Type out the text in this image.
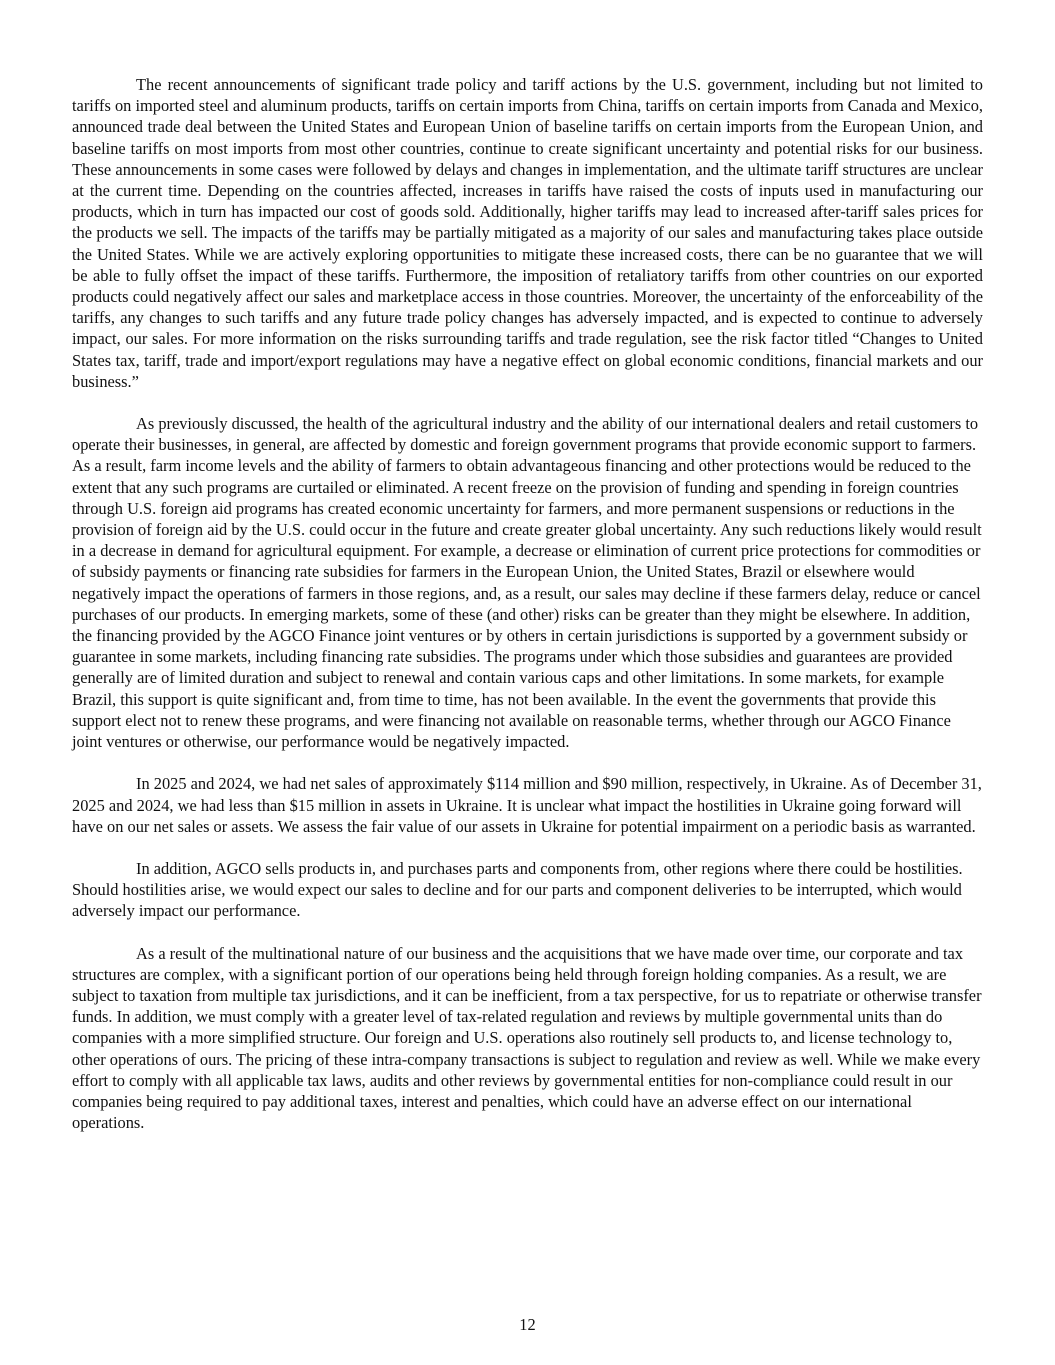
The recent announcements of significant trade policy and tariff actions by the U.S. government, including but not limited to tariffs on imported steel and aluminum products, tariffs on certain imports from China, tariffs on certain imports from Canada and Mexico, announced trade deal between the United States and European Union of baseline tariffs on certain imports from the European Union, and baseline tariffs on most imports from most other countries, continue to create significant uncertainty and potential risks for our business. These announcements in some cases were followed by delays and changes in implementation, and the ultimate tariff structures are unclear at the current time. Depending on the countries affected, increases in tariffs have raised the costs of inputs used in manufacturing our products, which in turn has impacted our cost of goods sold. Additionally, higher tariffs may lead to increased after-tariff sales prices for the products we sell. The impacts of the tariffs may be partially mitigated as a majority of our sales and manufacturing takes place outside the United States. While we are actively exploring opportunities to mitigate these increased costs, there can be no guarantee that we will be able to fully offset the impact of these tariffs. Furthermore, the imposition of retaliatory tariffs from other countries on our exported products could negatively affect our sales and marketplace access in those countries. Moreover, the uncertainty of the enforceability of the tariffs, any changes to such tariffs and any future trade policy changes has adversely impacted, and is expected to continue to adversely impact, our sales. For more information on the risks surrounding tariffs and trade regulation, see the risk factor titled “Changes to United States tax, tariff, trade and import/export regulations may have a negative effect on global economic conditions, financial markets and our business.”

As previously discussed, the health of the agricultural industry and the ability of our international dealers and retail customers to operate their businesses, in general, are affected by domestic and foreign government programs that provide economic support to farmers. As a result, farm income levels and the ability of farmers to obtain advantageous financing and other protections would be reduced to the extent that any such programs are curtailed or eliminated. A recent freeze on the provision of funding and spending in foreign countries through U.S. foreign aid programs has created economic uncertainty for farmers, and more permanent suspensions or reductions in the provision of foreign aid by the U.S. could occur in the future and create greater global uncertainty. Any such reductions likely would result in a decrease in demand for agricultural equipment. For example, a decrease or elimination of current price protections for commodities or of subsidy payments or financing rate subsidies for farmers in the European Union, the United States, Brazil or elsewhere would negatively impact the operations of farmers in those regions, and, as a result, our sales may decline if these farmers delay, reduce or cancel purchases of our products. In emerging markets, some of these (and other) risks can be greater than they might be elsewhere. In addition, the financing provided by the AGCO Finance joint ventures or by others in certain jurisdictions is supported by a government subsidy or guarantee in some markets, including financing rate subsidies. The programs under which those subsidies and guarantees are provided generally are of limited duration and subject to renewal and contain various caps and other limitations. In some markets, for example Brazil, this support is quite significant and, from time to time, has not been available. In the event the governments that provide this support elect not to renew these programs, and were financing not available on reasonable terms, whether through our AGCO Finance joint ventures or otherwise, our performance would be negatively impacted.

In 2025 and 2024, we had net sales of approximately $114 million and $90 million, respectively, in Ukraine. As of December 31, 2025 and 2024, we had less than $15 million in assets in Ukraine. It is unclear what impact the hostilities in Ukraine going forward will have on our net sales or assets. We assess the fair value of our assets in Ukraine for potential impairment on a periodic basis as warranted.

In addition, AGCO sells products in, and purchases parts and components from, other regions where there could be hostilities. Should hostilities arise, we would expect our sales to decline and for our parts and component deliveries to be interrupted, which would adversely impact our performance.

As a result of the multinational nature of our business and the acquisitions that we have made over time, our corporate and tax structures are complex, with a significant portion of our operations being held through foreign holding companies. As a result, we are subject to taxation from multiple tax jurisdictions, and it can be inefficient, from a tax perspective, for us to repatriate or otherwise transfer funds. In addition, we must comply with a greater level of tax-related regulation and reviews by multiple governmental units than do companies with a more simplified structure. Our foreign and U.S. operations also routinely sell products to, and license technology to, other operations of ours. The pricing of these intra-company transactions is subject to regulation and review as well. While we make every effort to comply with all applicable tax laws, audits and other reviews by governmental entities for non-compliance could result in our companies being required to pay additional taxes, interest and penalties, which could have an adverse effect on our international operations.

12
